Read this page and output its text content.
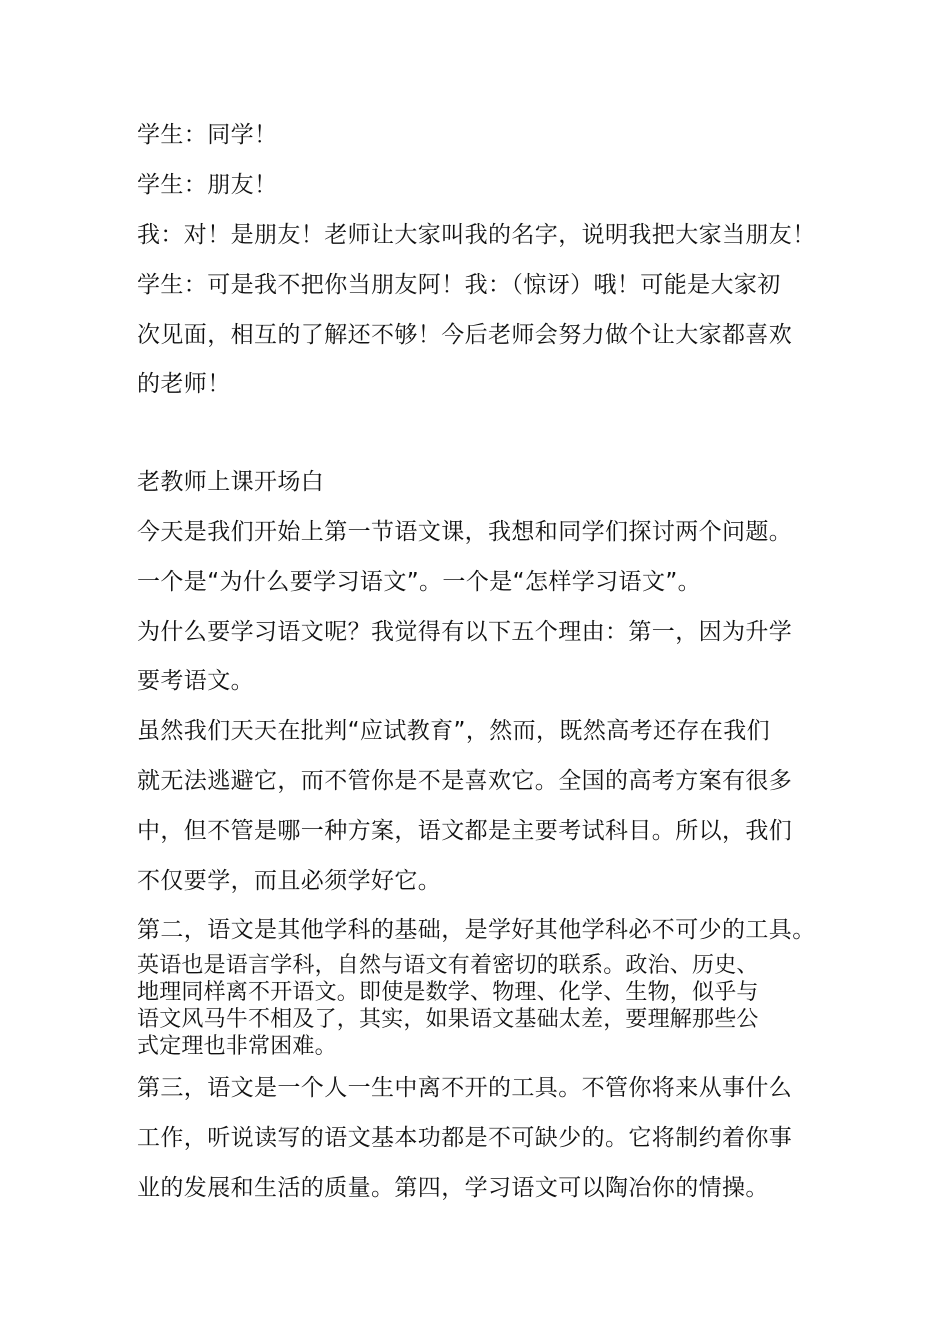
学生：同学！
学生：朋友！
我：对！是朋友！老师让大家叫我的名字，说明我把大家当朋友！
学生：可是我不把你当朋友阿！我：（惊讶）哦！可能是大家初
次见面，相互的了解还不够！今后老师会努力做个让大家都喜欢
的老师！
老教师上课开场白
今天是我们开始上第一节语文课，我想和同学们探讨两个问题。
一个是“为什么要学习语文”。一个是“怎样学习语文”。
为什么要学习语文呢？我觉得有以下五个理由：第一，因为升学
要考语文。
虽然我们天天在批判“应试教育”，然而，既然高考还存在我们
就无法逃避它，而不管你是不是喜欢它。全国的高考方案有很多
中，但不管是哪一种方案，语文都是主要考试科目。所以，我们
不仅要学，而且必须学好它。
第二，语文是其他学科的基础，是学好其他学科必不可少的工具。

英语也是语言学科，自然与语文有着密切的联系。政治、历史、

地理同样离不开语文。即使是数学、物理、化学、生物，似乎与

语文风马牛不相及了，其实，如果语文基础太差，要理解那些公

式定理也非常困难。

第三，语文是一个人一生中离不开的工具。不管你将来从事什么
工作，听说读写的语文基本功都是不可缺少的。它将制约着你事
业的发展和生活的质量。第四，学习语文可以陶冶你的情操。
